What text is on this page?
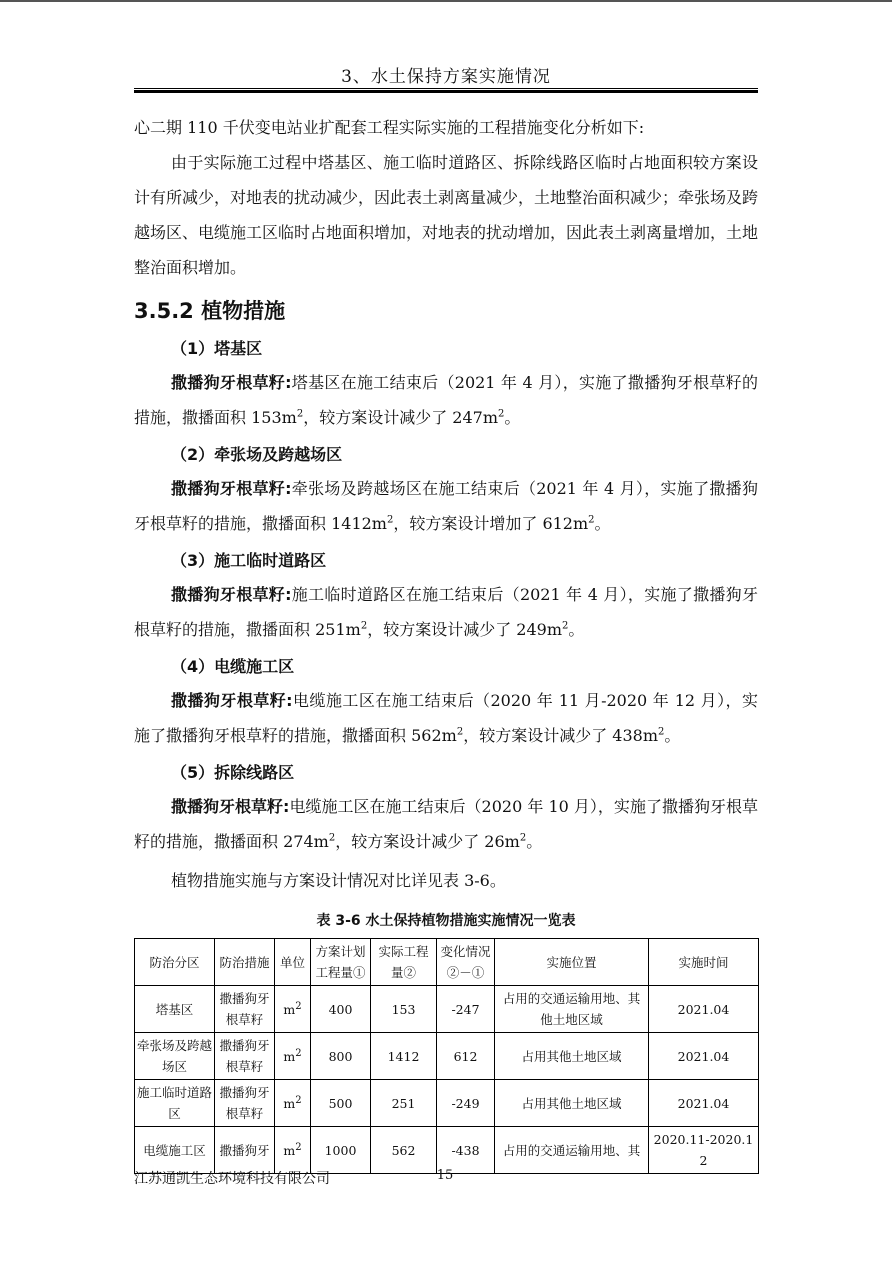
3、水土保持方案实施情况

心二期 110 千伏变电站业扩配套工程实际实施的工程措施变化分析如下:

由于实际施工过程中塔基区、施工临时道路区、拆除线路区临时占地面积较方案设计有所减少，对地表的扰动减少，因此表土剥离量减少，土地整治面积减少；牵张场及跨越场区、电缆施工区临时占地面积增加，对地表的扰动增加，因此表土剥离量增加，土地整治面积增加。

3.5.2 植物措施
（1）塔基区

撒播狗牙根草籽:塔基区在施工结束后（2021 年 4 月），实施了撒播狗牙根草籽的措施，撒播面积 $153m^2$，较方案设计减少了 $247m^2$。

（2）牵张场及跨越场区

撒播狗牙根草籽:牵张场及跨越场区在施工结束后（2021 年 4 月），实施了撒播狗牙根草籽的措施，撒播面积 $1412m^2$，较方案设计增加了 $612m^2$。

（3）施工临时道路区

撒播狗牙根草籽:施工临时道路区在施工结束后（2021 年 4 月），实施了撒播狗牙根草籽的措施，撒播面积 $251m^2$，较方案设计减少了 $249m^2$。

（4）电缆施工区

撒播狗牙根草籽:电缆施工区在施工结束后（2020 年 11 月-2020 年 12 月），实施了撒播狗牙根草籽的措施，撒播面积 $562m^2$，较方案设计减少了 $438m^2$。

（5）拆除线路区

撒播狗牙根草籽:电缆施工区在施工结束后（2020 年 10 月），实施了撒播狗牙根草籽的措施，撒播面积 $274m^2$，较方案设计减少了 $26m^2$。

植物措施实施与方案设计情况对比详见表 3-6。

表 3-6 水土保持植物措施实施情况一览表
防治分区	防治措施	单位	方案计划工程量①	实际工程量②	变化情况②－①	实施位置	实施时间
塔基区	撒播狗牙根草籽	$m^2$	400	153	-247	占用的交通运输用地、其他土地区域	2021.04
牵张场及跨越场区	撒播狗牙根草籽	$m^2$	800	1412	612	占用其他土地区域	2021.04
施工临时道路区	撒播狗牙根草籽	$m^2$	500	251	-249	占用其他土地区域	2021.04
电缆施工区	撒播狗牙	$m^2$	1000	562	-438	占用的交通运输用地、其	2020.11-2020.12
江苏通凯生态环境科技有限公司	15
